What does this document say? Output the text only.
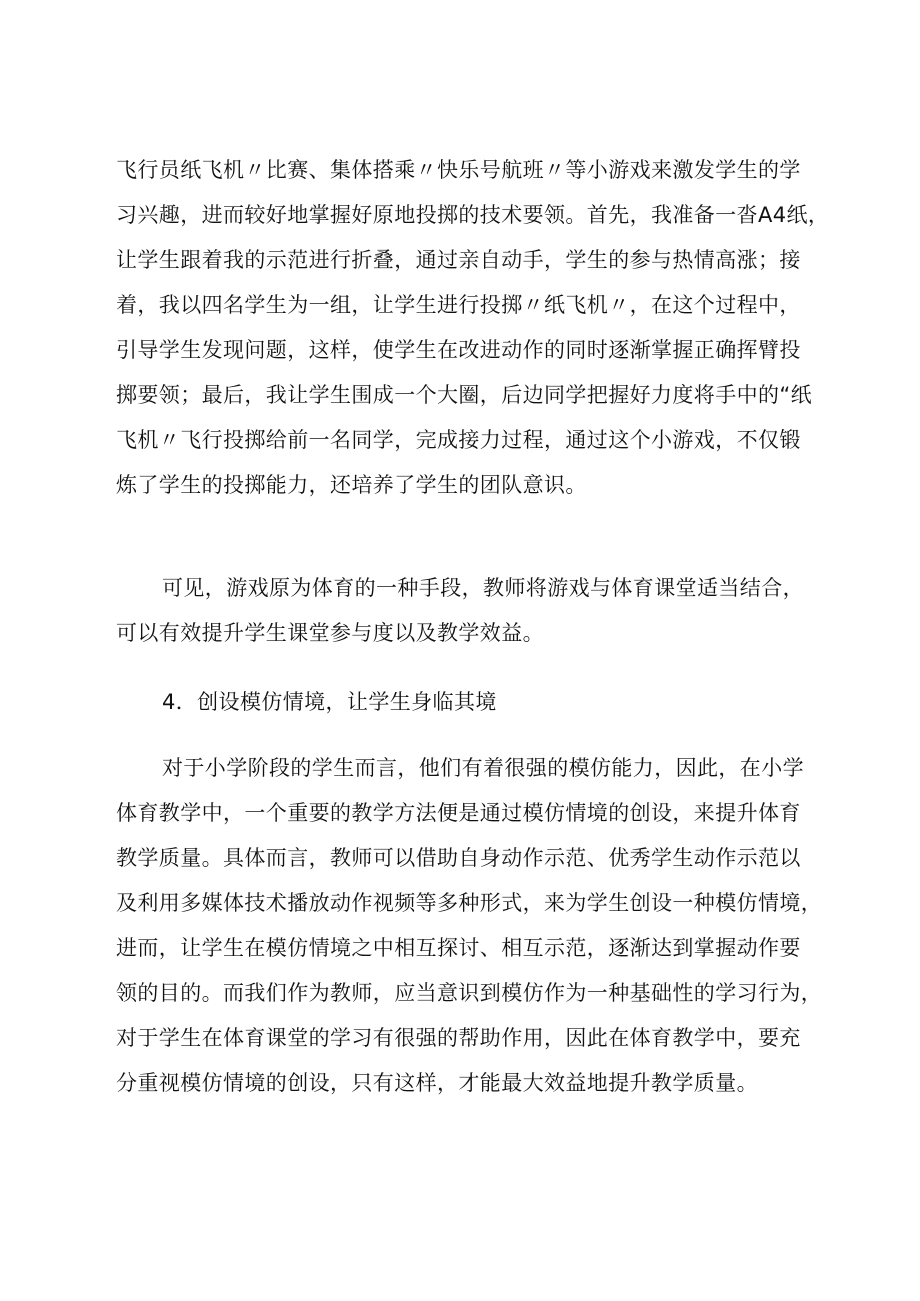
飞行员纸飞机〃比赛、集体搭乘〃快乐号航班〃等小游戏来激发学生的学
习兴趣，进而较好地掌握好原地投掷的技术要领。首先，我准备一沓A4纸，
让学生跟着我的示范进行折叠，通过亲自动手，学生的参与热情高涨；接
着，我以四名学生为一组，让学生进行投掷〃纸飞机〃，在这个过程中，
引导学生发现问题，这样，使学生在改进动作的同时逐渐掌握正确挥臂投
掷要领；最后，我让学生围成一个大圈，后边同学把握好力度将手中的“纸
飞机〃飞行投掷给前一名同学，完成接力过程，通过这个小游戏，不仅锻
炼了学生的投掷能力，还培养了学生的团队意识。
可见，游戏原为体育的一种手段，教师将游戏与体育课堂适当结合，
可以有效提升学生课堂参与度以及教学效益。
4．创设模仿情境，让学生身临其境
对于小学阶段的学生而言，他们有着很强的模仿能力，因此，在小学
体育教学中，一个重要的教学方法便是通过模仿情境的创设，来提升体育
教学质量。具体而言，教师可以借助自身动作示范、优秀学生动作示范以
及利用多媒体技术播放动作视频等多种形式，来为学生创设一种模仿情境，
进而，让学生在模仿情境之中相互探讨、相互示范，逐渐达到掌握动作要
领的目的。而我们作为教师，应当意识到模仿作为一种基础性的学习行为，
对于学生在体育课堂的学习有很强的帮助作用，因此在体育教学中，要充
分重视模仿情境的创设，只有这样，才能最大效益地提升教学质量。
